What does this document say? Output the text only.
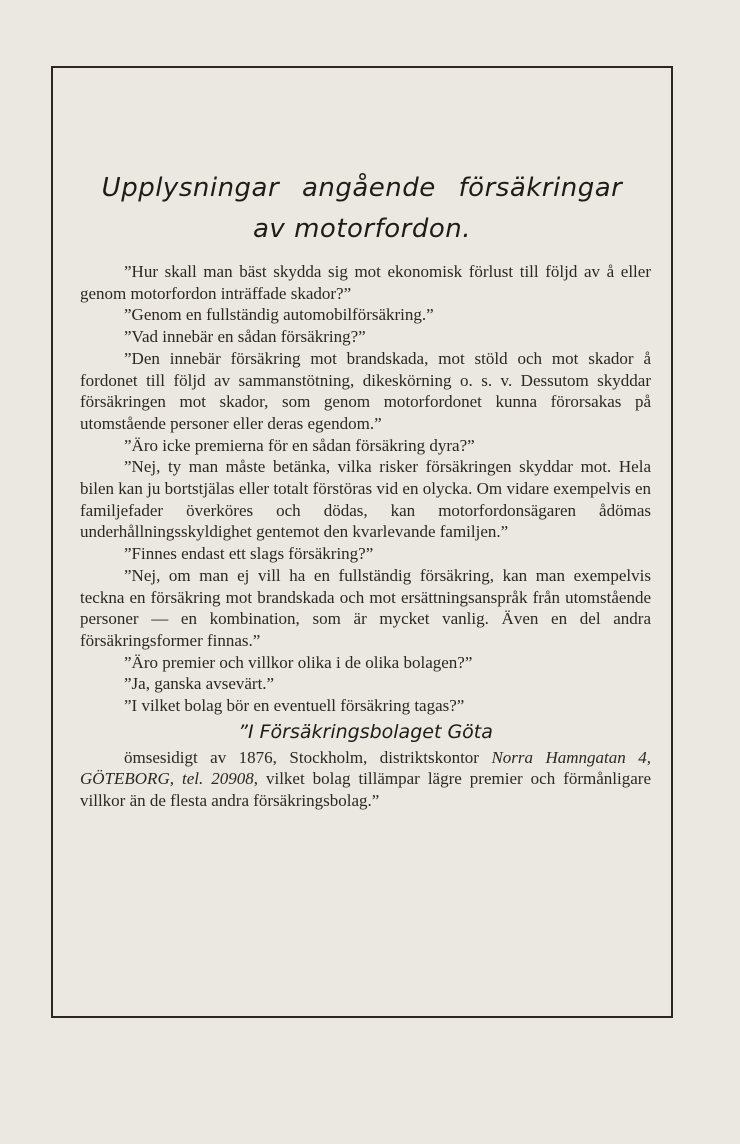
Upplysningar angående försäkringar
av motorfordon.

”Hur skall man bäst skydda sig mot ekonomisk förlust till följd av å eller genom motorfordon inträffade skador?”

”Genom en fullständig automobilförsäkring.”

”Vad innebär en sådan försäkring?”

”Den innebär försäkring mot brandskada, mot stöld och mot skador å fordonet till följd av sammanstötning, dikeskörning o. s. v. Dessutom skyddar försäkringen mot skador, som genom motorfordonet kunna förorsakas på utomstående personer eller deras egendom.”

”Äro icke premierna för en sådan försäkring dyra?”

”Nej, ty man måste betänka, vilka risker försäkringen skyddar mot. Hela bilen kan ju bortstjälas eller totalt förstöras vid en olycka. Om vidare exempelvis en familjefader överköres och dödas, kan motorfordonsägaren ådömas underhållningsskyldighet gentemot den kvarlevande familjen.”

”Finnes endast ett slags försäkring?”

”Nej, om man ej vill ha en fullständig försäkring, kan man exempelvis teckna en försäkring mot brandskada och mot ersättningsanspråk från utomstående personer — en kombination, som är mycket vanlig. Även en del andra försäkringsformer finnas.”

”Äro premier och villkor olika i de olika bolagen?”

”Ja, ganska avsevärt.”

”I vilket bolag bör en eventuell försäkring tagas?”

”I Försäkringsbolaget Göta

ömsesidigt av 1876, Stockholm, distriktskontor Norra Hamngatan 4, GÖTEBORG, tel. 20908, vilket bolag tillämpar lägre premier och förmånligare villkor än de flesta andra försäkringsbolag.”
